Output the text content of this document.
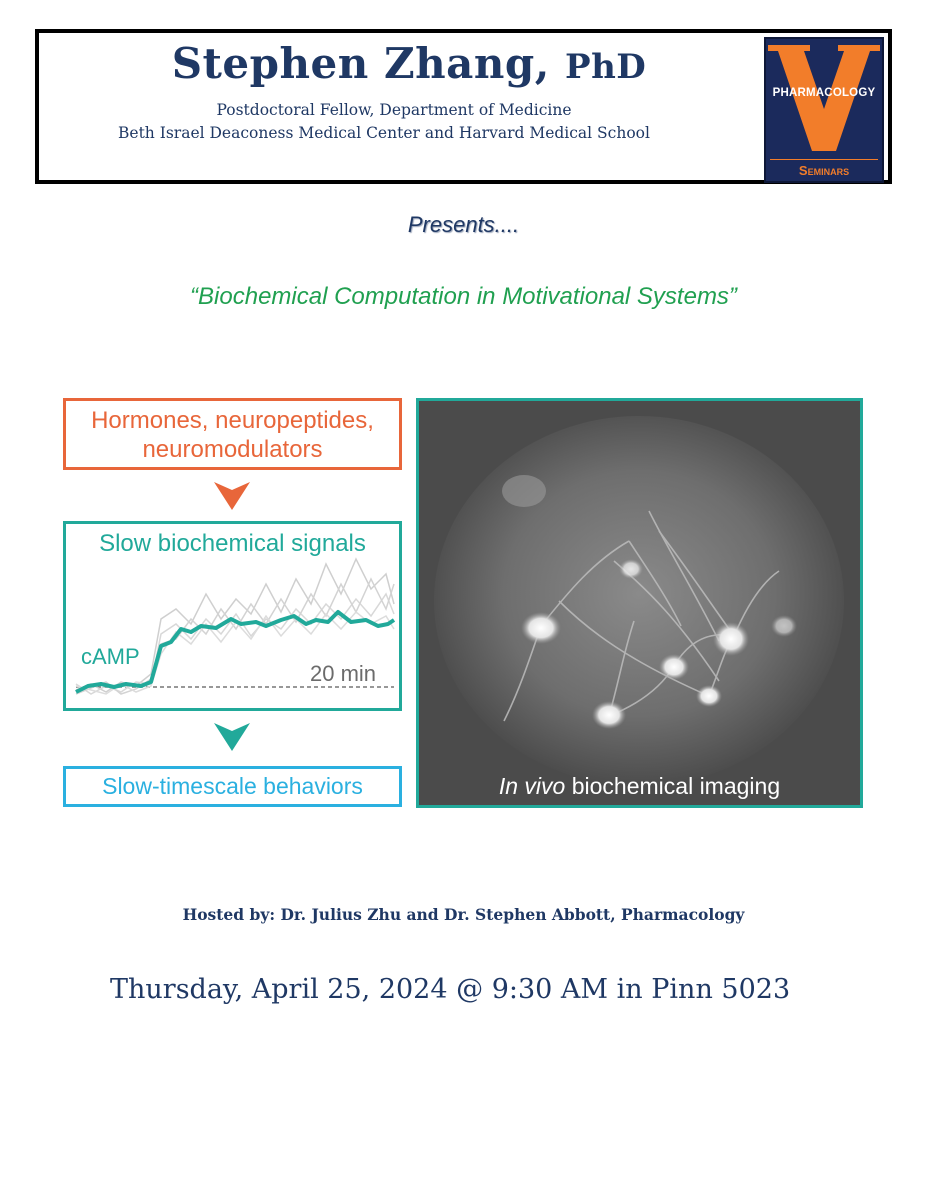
Stephen Zhang, PhD
Postdoctoral Fellow, Department of Medicine
Beth Israel Deaconess Medical Center and Harvard Medical School
PHARMACOLOGY
Seminars
Presents....
“Biochemical Computation in Motivational Systems”
Hormones, neuropeptides,
neuromodulators
Slow biochemical signals
cAMP
20 min
Slow-timescale behaviors	In vivo biochemical imaging
Hosted by: Dr. Julius Zhu and Dr. Stephen Abbott, Pharmacology
Thursday, April 25, 2024 @ 9:30 AM in Pinn 5023
